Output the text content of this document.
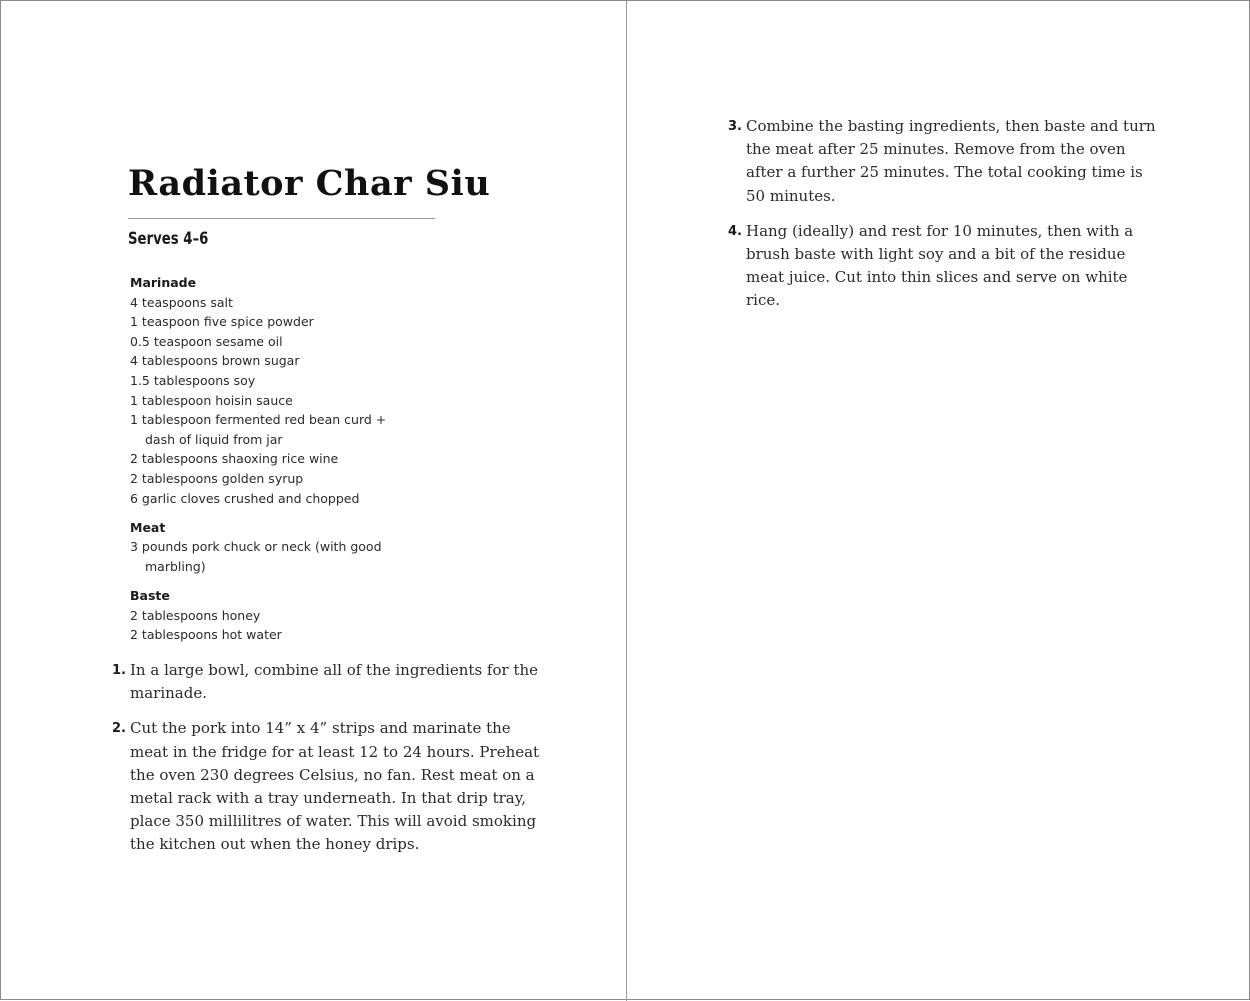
Radiator Char Siu
Serves 4–6
Marinade
4 teaspoons salt
1 teaspoon five spice powder
0.5 teaspoon sesame oil
4 tablespoons brown sugar
1.5 tablespoons soy
1 tablespoon hoisin sauce
1 tablespoon fermented red bean curd + dash of liquid from jar
2 tablespoons shaoxing rice wine
2 tablespoons golden syrup
6 garlic cloves crushed and chopped
Meat
3 pounds pork chuck or neck (with good marbling)
Baste
2 tablespoons honey
2 tablespoons hot water
1. In a large bowl, combine all of the ingredients for the marinade.
2. Cut the pork into 14” x 4” strips and marinate the meat in the fridge for at least 12 to 24 hours. Preheat the oven 230 degrees Celsius, no fan. Rest meat on a metal rack with a tray underneath. In that drip tray, place 350 millilitres of water. This will avoid smoking the kitchen out when the honey drips.
3. Combine the basting ingredients, then baste and turn the meat after 25 minutes. Remove from the oven after a further 25 minutes. The total cooking time is 50 minutes.
4. Hang (ideally) and rest for 10 minutes, then with a brush baste with light soy and a bit of the residue meat juice. Cut into thin slices and serve on white rice.
